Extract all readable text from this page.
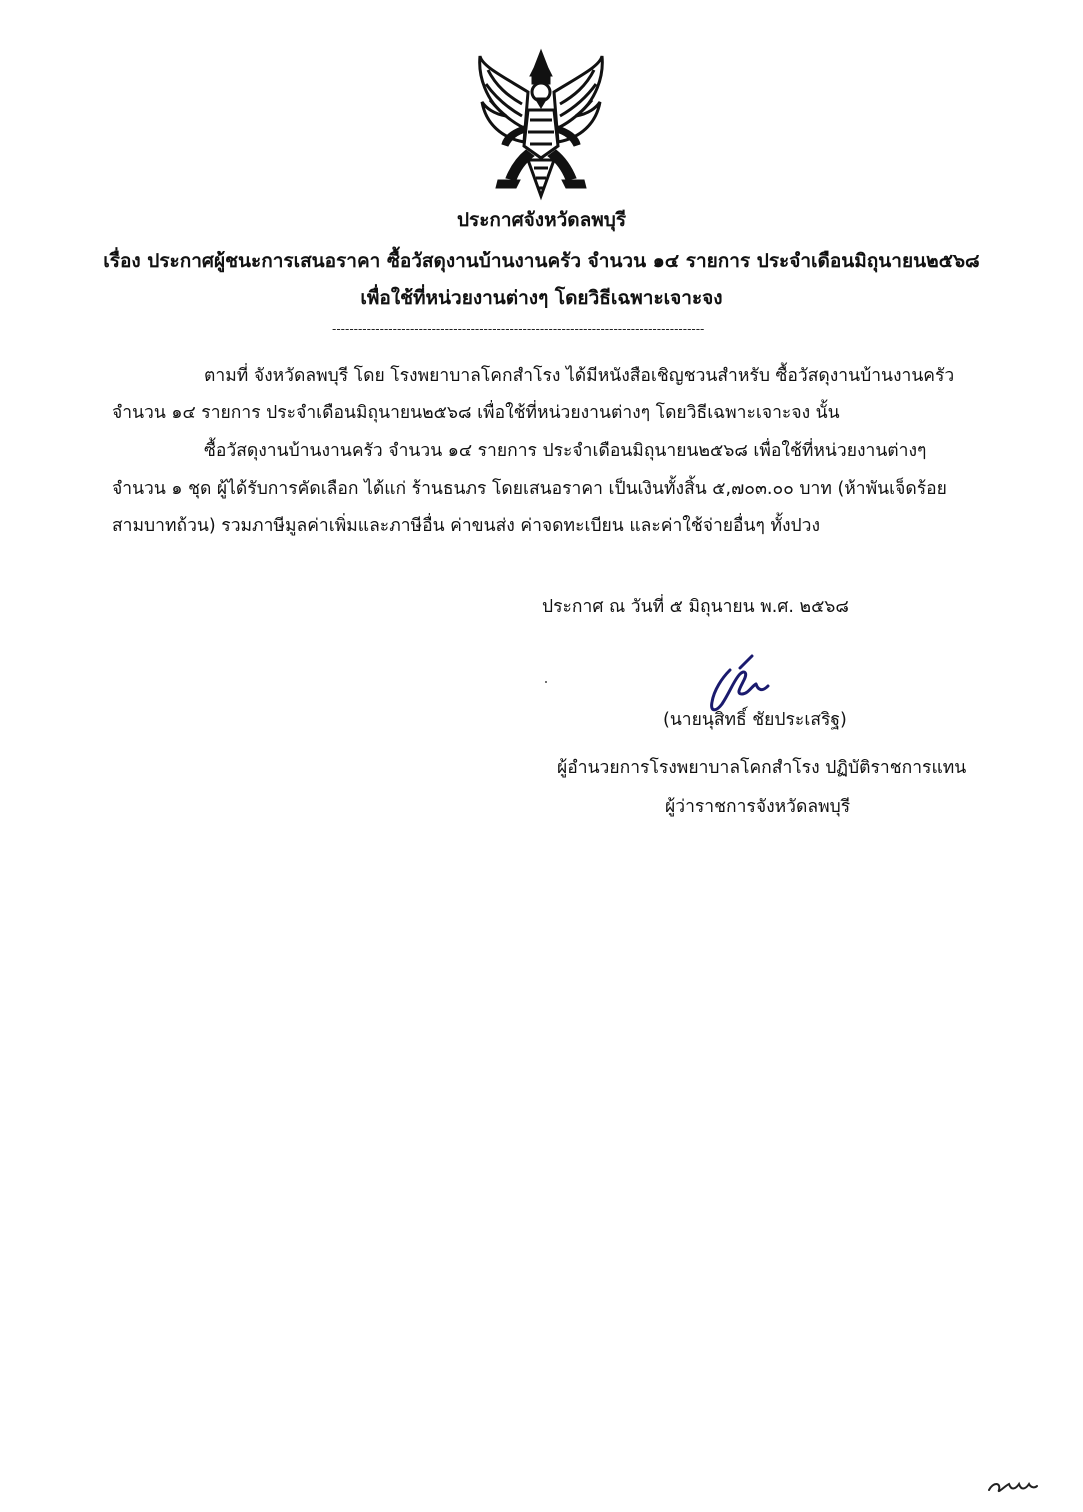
ประกาศจังหวัดลพบุรี
เรื่อง ประกาศผู้ชนะการเสนอราคา ซื้อวัสดุงานบ้านงานครัว จำนวน ๑๔ รายการ ประจำเดือนมิถุนายน๒๕๖๘
เพื่อใช้ที่หน่วยงานต่างๆ โดยวิธีเฉพาะเจาะจง
--------------------------------------------------------------------------------------
ตามที่ จังหวัดลพบุรี โดย โรงพยาบาลโคกสำโรง ได้มีหนังสือเชิญชวนสำหรับ ซื้อวัสดุงานบ้านงานครัว
จำนวน ๑๔ รายการ ประจำเดือนมิถุนายน๒๕๖๘ เพื่อใช้ที่หน่วยงานต่างๆ โดยวิธีเฉพาะเจาะจง นั้น
ซื้อวัสดุงานบ้านงานครัว จำนวน ๑๔ รายการ ประจำเดือนมิถุนายน๒๕๖๘ เพื่อใช้ที่หน่วยงานต่างๆ
จำนวน ๑ ชุด ผู้ได้รับการคัดเลือก ได้แก่ ร้านธนภร โดยเสนอราคา เป็นเงินทั้งสิ้น ๕,๗๐๓.๐๐ บาท (ห้าพันเจ็ดร้อย
สามบาทถ้วน) รวมภาษีมูลค่าเพิ่มและภาษีอื่น ค่าขนส่ง ค่าจดทะเบียน และค่าใช้จ่ายอื่นๆ ทั้งปวง
ประกาศ ณ วันที่ ๕ มิถุนายน พ.ศ. ๒๕๖๘
(นายนุสิทธิ์ ชัยประเสริฐ)
ผู้อำนวยการโรงพยาบาลโคกสำโรง ปฏิบัติราชการแทน
ผู้ว่าราชการจังหวัดลพบุรี
